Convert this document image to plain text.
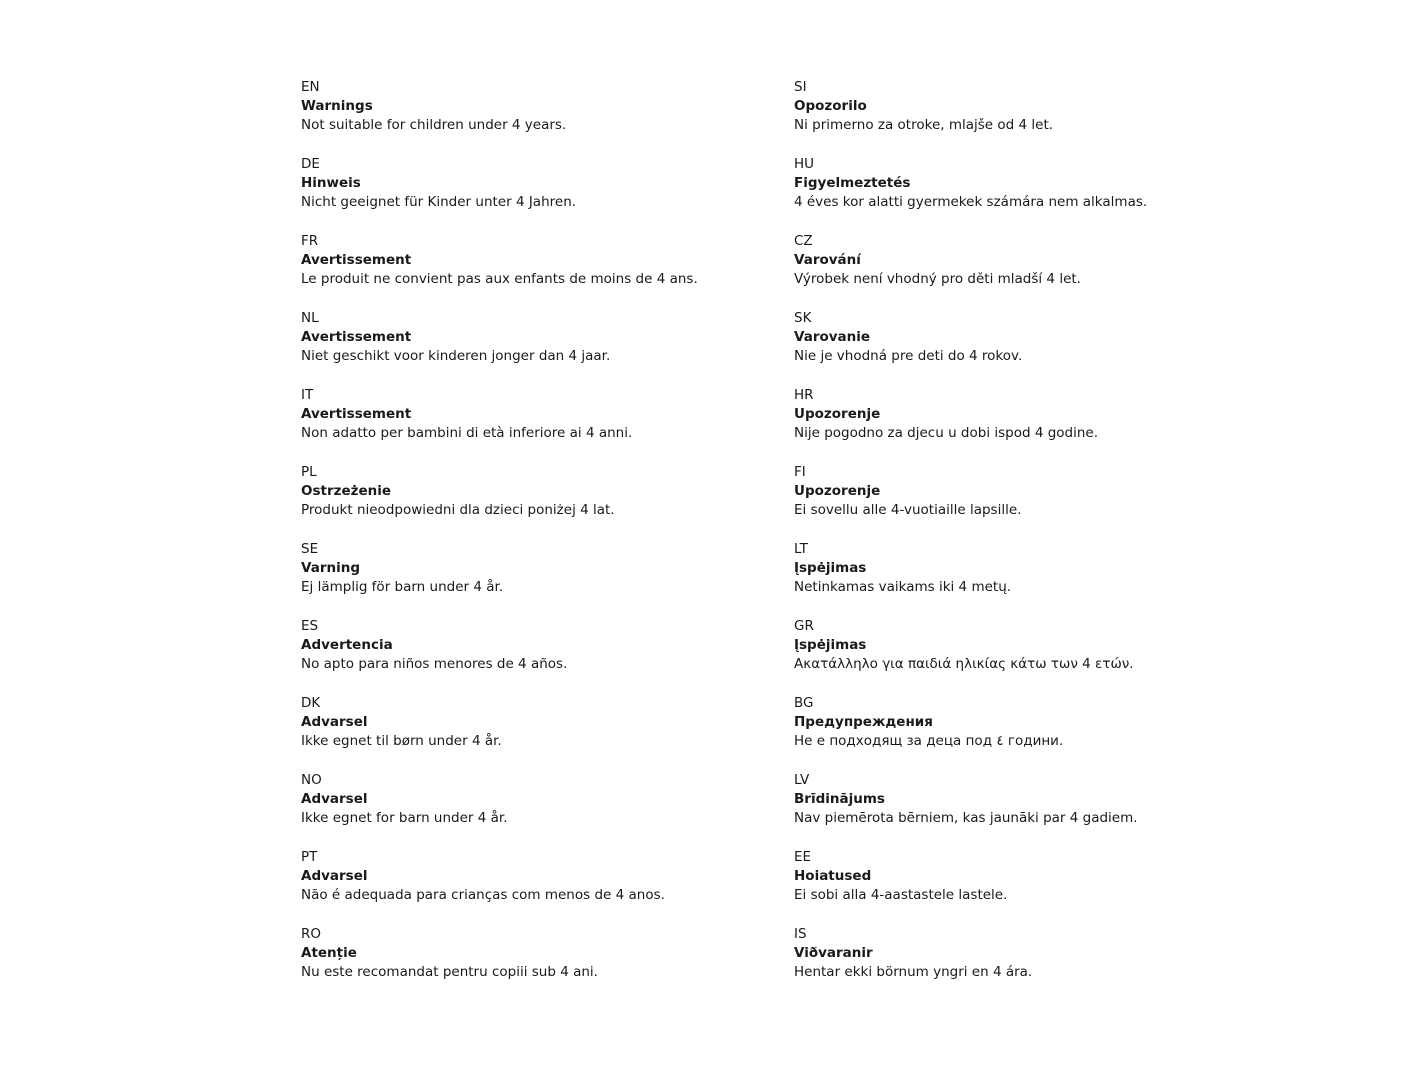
EN
Warnings
Not suitable for children under 4 years.
DE
Hinweis
Nicht geeignet für Kinder unter 4 Jahren.
FR
Avertissement
Le produit ne convient pas aux enfants de moins de 4 ans.
NL
Avertissement
Niet geschikt voor kinderen jonger dan 4 jaar.
IT
Avertissement
Non adatto per bambini di età inferiore ai 4 anni.
PL
Ostrzeżenie
Produkt nieodpowiedni dla dzieci poniżej 4 lat.
SE
Varning
Ej lämplig för barn under 4 år.
ES
Advertencia
No apto para niños menores de 4 años.
DK
Advarsel
Ikke egnet til børn under 4 år.
NO
Advarsel
Ikke egnet for barn under 4 år.
PT
Advarsel
Não é adequada para crianças com menos de 4 anos.
RO
Atenție
Nu este recomandat pentru copiii sub 4 ani.
SI
Opozorilo
Ni primerno za otroke, mlajše od 4 let.
HU
Figyelmeztetés
4 éves kor alatti gyermekek számára nem alkalmas.
CZ
Varování
Výrobek není vhodný pro děti mladší 4 let.
SK
Varovanie
Nie je vhodná pre deti do 4 rokov.
HR
Upozorenje
Nije pogodno za djecu u dobi ispod 4 godine.
FI
Upozorenje
Ei sovellu alle 4-vuotiaille lapsille.
LT
Įspėjimas
Netinkamas vaikams iki 4 metų.
GR
Įspėjimas
Ακατάλληλο για παιδιά ηλικίας κάτω των 4 ετών.
BG
Предупреждения
Не е подходящ за деца под ٤ години.
LV
Brīdinājums
Nav piemērota bērniem, kas jaunāki par 4 gadiem.
EE
Hoiatused
Ei sobi alla 4-aastastele lastele.
IS
Viðvaranir
Hentar ekki börnum yngri en 4 ára.
